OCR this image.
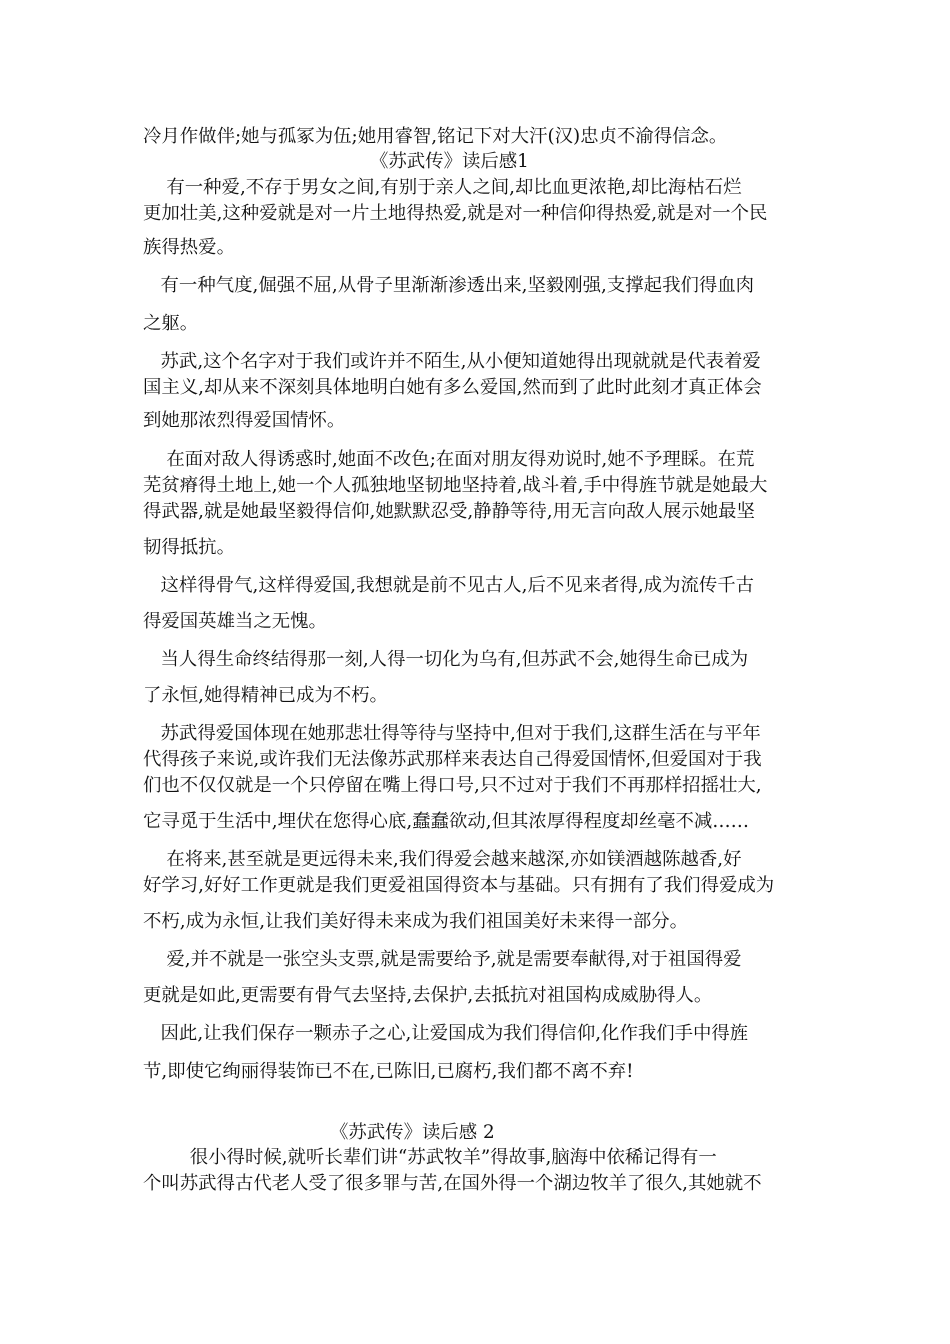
冷月作做伴;她与孤冢为伍;她用睿智,铭记下对大汗(汉)忠贞不渝得信念。
《苏武传》读后感1
有一种爱,不存于男女之间,有别于亲人之间,却比血更浓艳,却比海枯石烂
更加壮美,这种爱就是对一片土地得热爱,就是对一种信仰得热爱,就是对一个民
族得热爱。
有一种气度,倔强不屈,从骨子里渐渐渗透出来,坚毅刚强,支撑起我们得血肉
之躯。
苏武,这个名字对于我们或许并不陌生,从小便知道她得出现就就是代表着爱
国主义,却从来不深刻具体地明白她有多么爱国,然而到了此时此刻才真正体会
到她那浓烈得爱国情怀。
在面对敌人得诱惑时,她面不改色;在面对朋友得劝说时,她不予理睬。在荒
芜贫瘠得土地上,她一个人孤独地坚韧地坚持着,战斗着,手中得旌节就是她最大
得武器,就是她最坚毅得信仰,她默默忍受,静静等待,用无言向敌人展示她最坚
韧得抵抗。
这样得骨气,这样得爱国,我想就是前不见古人,后不见来者得,成为流传千古
得爱国英雄当之无愧。
当人得生命终结得那一刻,人得一切化为乌有,但苏武不会,她得生命已成为
了永恒,她得精神已成为不朽。
苏武得爱国体现在她那悲壮得等待与坚持中,但对于我们,这群生活在与平年
代得孩子来说,或许我们无法像苏武那样来表达自己得爱国情怀,但爱国对于我
们也不仅仅就是一个只停留在嘴上得口号,只不过对于我们不再那样招摇壮大,
它寻觅于生活中,埋伏在您得心底,蠢蠢欲动,但其浓厚得程度却丝毫不减……
在将来,甚至就是更远得未来,我们得爱会越来越深,亦如镁酒越陈越香,好
好学习,好好工作更就是我们更爱祖国得资本与基础。只有拥有了我们得爱成为
不朽,成为永恒,让我们美好得未来成为我们祖国美好未来得一部分。
爱,并不就是一张空头支票,就是需要给予,就是需要奉献得,对于祖国得爱
更就是如此,更需要有骨气去坚持,去保护,去抵抗对祖国构成威胁得人。
因此,让我们保存一颗赤子之心,让爱国成为我们得信仰,化作我们手中得旌
节,即使它绚丽得装饰已不在,已陈旧,已腐朽,我们都不离不弃!
《苏武传》读后感 2
很小得时候,就听长辈们讲“苏武牧羊”得故事,脑海中依稀记得有一
个叫苏武得古代老人受了很多罪与苦,在国外得一个湖边牧羊了很久,其她就不
